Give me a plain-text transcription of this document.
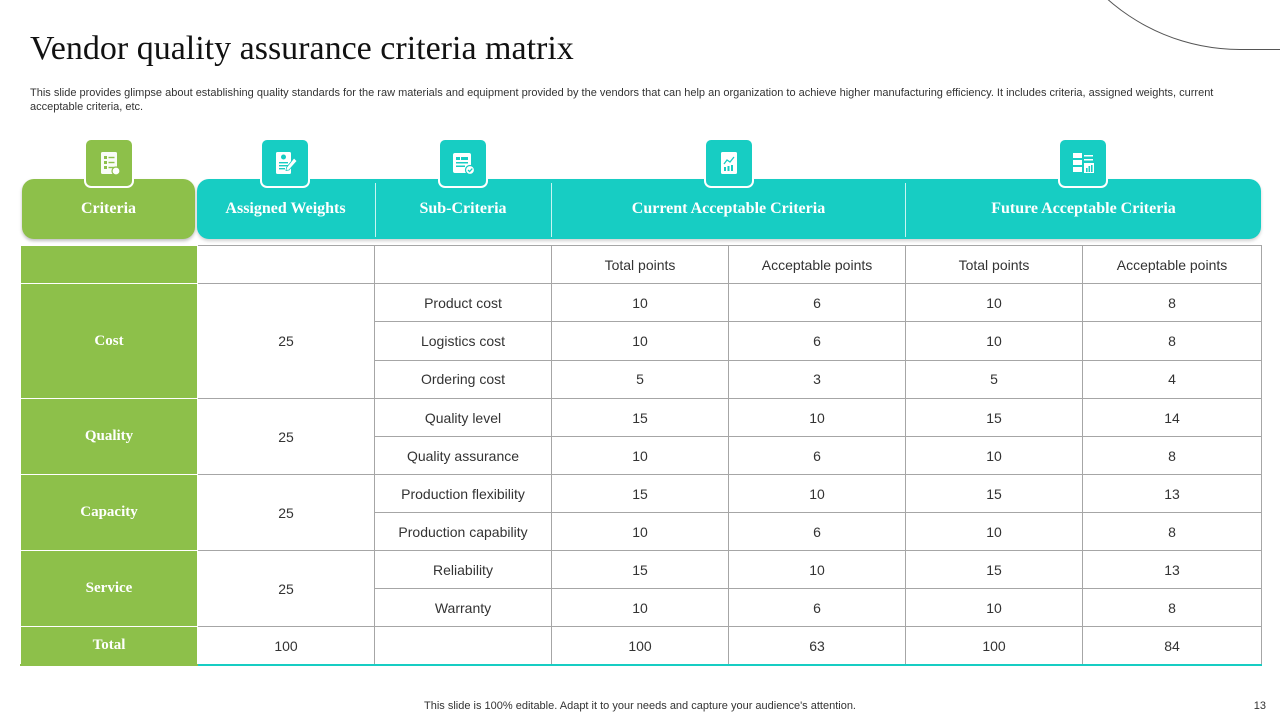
Vendor quality assurance criteria matrix
This slide provides glimpse about establishing quality standards for the raw materials and equipment provided by the vendors that can help an organization to achieve higher manufacturing efficiency. It includes criteria, assigned weights, current acceptable criteria, etc.
Criteria	Assigned Weights	Sub-Criteria	Current Acceptable Criteria	Future Acceptable Criteria
			Total points	Acceptable points	Total points	Acceptable points
Cost	25	Product cost	10	6	10	8
		Logistics cost	10	6	10	8
		Ordering cost	5	3	5	4
Quality	25	Quality level	15	10	15	14
		Quality assurance	10	6	10	8
Capacity	25	Production flexibility	15	10	15	13
		Production capability	10	6	10	8
Service	25	Reliability	15	10	15	13
		Warranty	10	6	10	8
Total	100		100	63	100	84
This slide is 100% editable. Adapt it to your needs and capture your audience's attention.	13
